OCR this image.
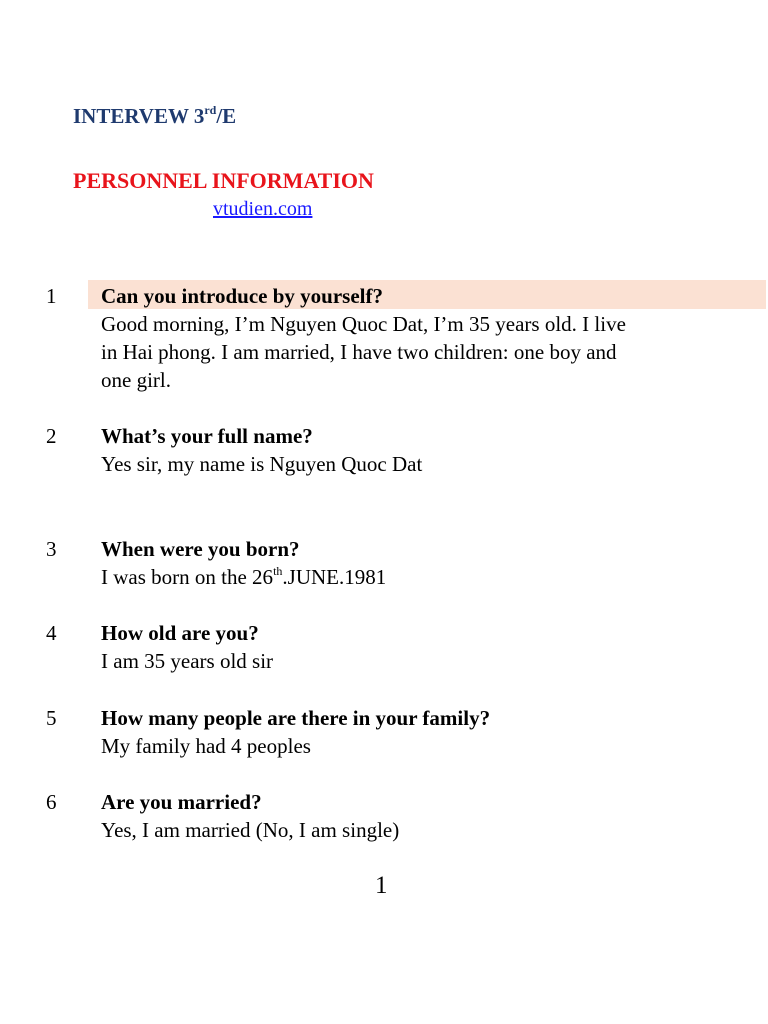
INTERVEW 3rd/E
PERSONNEL INFORMATION
vtudien.com
1 Can you introduce by yourself?
Good morning, I’m Nguyen Quoc Dat, I’m 35 years old. I live
in Hai phong. I am married, I have two children: one boy and
one girl.
2 What’s your full name?
Yes sir, my name is Nguyen Quoc Dat
3 When were you born?
I was born on the 26th.JUNE.1981
4 How old are you?
I am 35 years old sir
5 How many people are there in your family?
My family had 4 peoples
6 Are you married?
Yes, I am married (No, I am single)
1
